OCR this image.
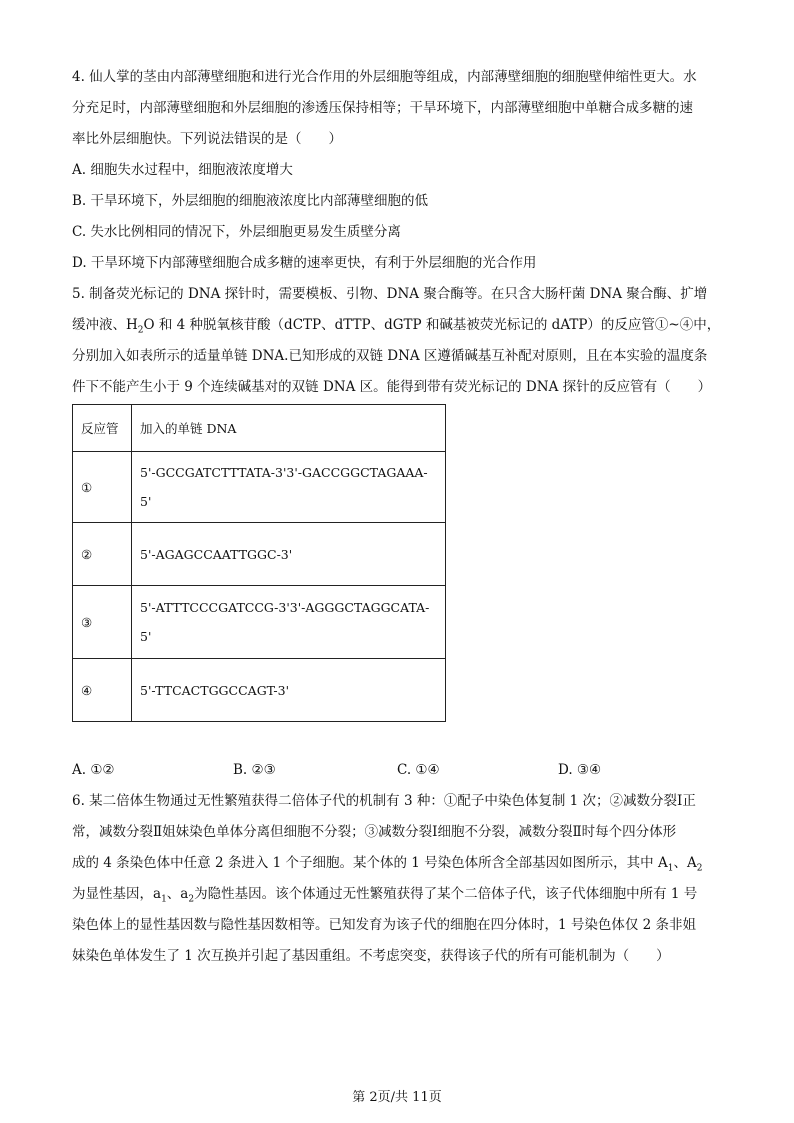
4. 仙人掌的茎由内部薄壁细胞和进行光合作用的外层细胞等组成，内部薄壁细胞的细胞壁伸缩性更大。水
分充足时，内部薄壁细胞和外层细胞的渗透压保持相等；干旱环境下，内部薄壁细胞中单糖合成多糖的速
率比外层细胞快。下列说法错误的是（　　）
A. 细胞失水过程中，细胞液浓度增大
B. 干旱环境下，外层细胞的细胞液浓度比内部薄壁细胞的低
C. 失水比例相同的情况下，外层细胞更易发生质壁分离
D. 干旱环境下内部薄壁细胞合成多糖的速率更快，有利于外层细胞的光合作用
5. 制备荧光标记的 DNA 探针时，需要模板、引物、DNA 聚合酶等。在只含大肠杆菌 DNA 聚合酶、扩增
缓冲液、$H_2O$ 和 4 种脱氧核苷酸（dCTP、dTTP、dGTP 和碱基被荧光标记的 dATP）的反应管①~④中，
分别加入如表所示的适量单链 DNA.已知形成的双链 DNA 区遵循碱基互补配对原则，且在本实验的温度条
件下不能产生小于 9 个连续碱基对的双链 DNA 区。能得到带有荧光标记的 DNA 探针的反应管有（　　）
反应管	加入的单链 DNA
①	5'-GCCGATCTTTATA-3'3'-GACCGGCTAGAAA-
5'
②	5'-AGAGCCAATTGGC-3'
③	5'-ATTTCCCGATCCG-3'3'-AGGGCTAGGCATA-
5'
④	5'-TTCACTGGCCAGT-3'
A. ①②	B. ②③	C. ①④	D. ③④
6. 某二倍体生物通过无性繁殖获得二倍体子代的机制有 3 种：①配子中染色体复制 1 次；②减数分裂Ⅰ正
常，减数分裂Ⅱ姐妹染色单体分离但细胞不分裂；③减数分裂Ⅰ细胞不分裂，减数分裂Ⅱ时每个四分体形
成的 4 条染色体中任意 2 条进入 1 个子细胞。某个体的 1 号染色体所含全部基因如图所示，其中 $A_1$、$A_2$
为显性基因，$a_1$、$a_2$为隐性基因。该个体通过无性繁殖获得了某个二倍体子代，该子代体细胞中所有 1 号
染色体上的显性基因数与隐性基因数相等。已知发育为该子代的细胞在四分体时，1 号染色体仅 2 条非姐
妹染色单体发生了 1 次互换并引起了基因重组。不考虑突变，获得该子代的所有可能机制为（　　）
第 2页/共 11页
